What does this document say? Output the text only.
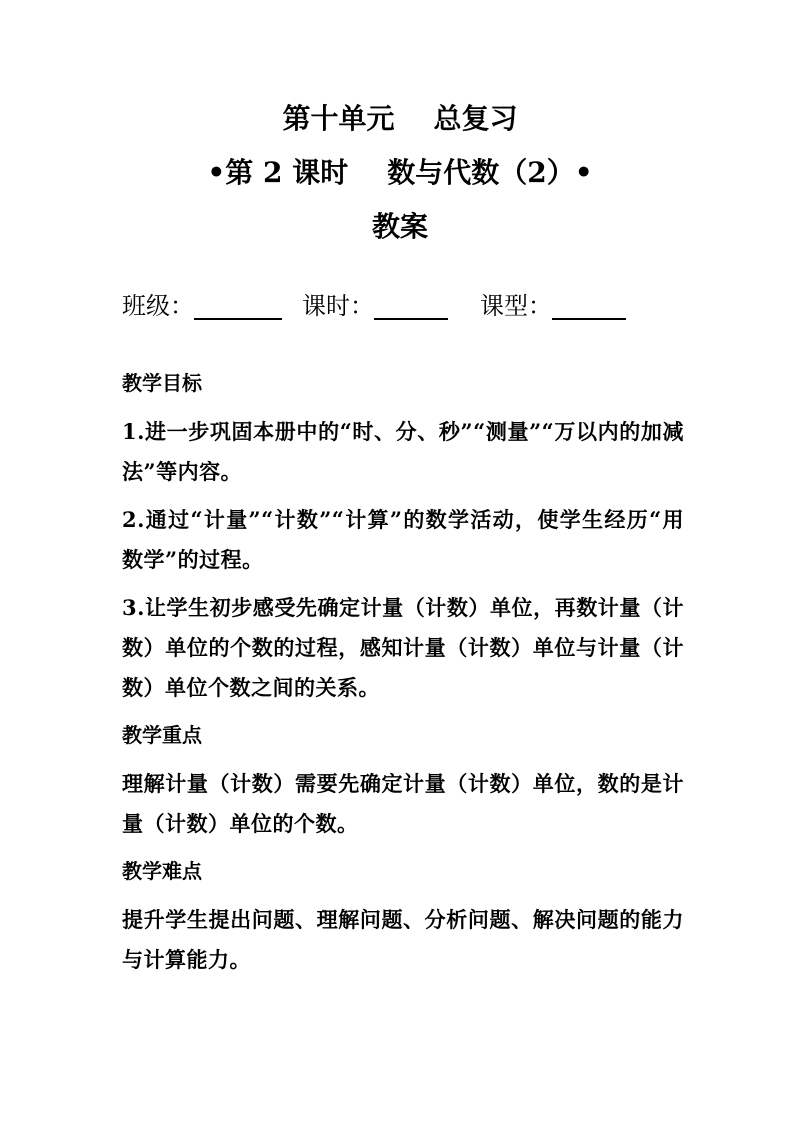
第十单元    总复习
•第 2 课时    数与代数（2）•
教案
班级：	课时：	课型：

教学目标

1.进一步巩固本册中的“时、分、秒”“测量”“万以内的加减法”等内容。

2.通过“计量”“计数”“计算”的数学活动，使学生经历“用数学”的过程。

3.让学生初步感受先确定计量（计数）单位，再数计量（计数）单位的个数的过程，感知计量（计数）单位与计量（计数）单位个数之间的关系。

教学重点

理解计量（计数）需要先确定计量（计数）单位，数的是计量（计数）单位的个数。

教学难点

提升学生提出问题、理解问题、分析问题、解决问题的能力与计算能力。
